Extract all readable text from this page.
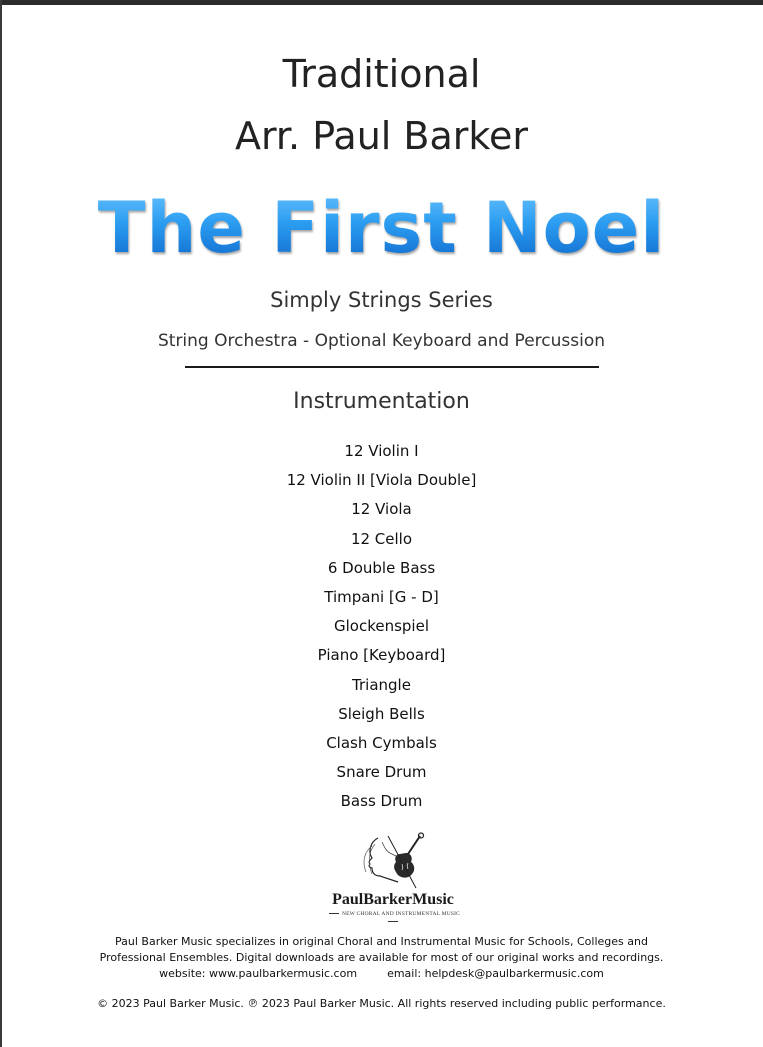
Traditional
Arr. Paul Barker
The First Noel
Simply Strings Series
String Orchestra - Optional Keyboard and Percussion
Instrumentation
12 Violin I
12 Violin II [Viola Double]
12 Viola
12 Cello
6 Double Bass
Timpani [G - D]
Glockenspiel
Piano [Keyboard]
Triangle
Sleigh Bells
Clash Cymbals
Snare Drum
Bass Drum
PaulBarkerMusic
NEW CHORAL AND INSTRUMENTAL MUSIC
Paul Barker Music specializes in original Choral and Instrumental Music for Schools, Colleges and
Professional Ensembles. Digital downloads are available for most of our original works and recordings.
website: www.paulbarkermusic.com	email: helpdesk@paulbarkermusic.com
© 2023 Paul Barker Music. ℗ 2023 Paul Barker Music. All rights reserved including public performance.
